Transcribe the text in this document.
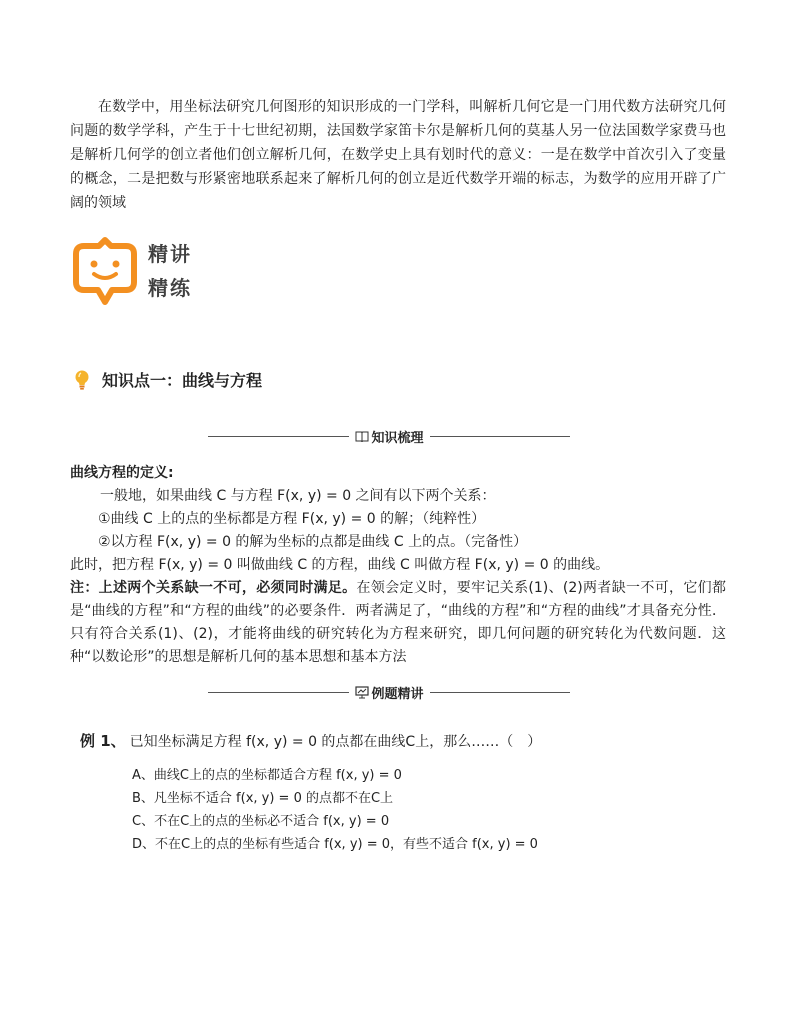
在数学中，用坐标法研究几何图形的知识形成的一门学科，叫解析几何它是一门用代数方法研究几何问题的数学学科，产生于十七世纪初期，法国数学家笛卡尔是解析几何的莫基人另一位法国数学家费马也是解析几何学的创立者他们创立解析几何，在数学史上具有划时代的意义：一是在数学中首次引入了变量的概念，二是把数与形紧密地联系起来了解析几何的创立是近代数学开端的标志，为数学的应用开辟了广阔的领域

精讲
精练
知识点一：曲线与方程
知识梳理

曲线方程的定义:

一般地，如果曲线 C 与方程 F(x, y) = 0 之间有以下两个关系：

①曲线 C 上的点的坐标都是方程 F(x, y) = 0 的解；（纯粹性）

②以方程 F(x, y) = 0 的解为坐标的点都是曲线 C 上的点。（完备性）

此时，把方程 F(x, y) = 0 叫做曲线 C 的方程，曲线 C 叫做方程 F(x, y) = 0 的曲线。

注：上述两个关系缺一不可，必须同时满足。在领会定义时，要牢记关系(1)、(2)两者缺一不可，它们都是“曲线的方程”和“方程的曲线”的必要条件．两者满足了，“曲线的方程”和“方程的曲线”才具备充分性．只有符合关系(1)、(2)，才能将曲线的研究转化为方程来研究，即几何问题的研究转化为代数问题．这种“以数论形”的思想是解析几何的基本思想和基本方法

例题精讲
例 1、 已知坐标满足方程 f(x, y) = 0 的点都在曲线C上，那么……（　）
A、曲线C上的点的坐标都适合方程 f(x, y) = 0
B、凡坐标不适合 f(x, y) = 0 的点都不在C上
C、不在C上的点的坐标必不适合 f(x, y) = 0
D、不在C上的点的坐标有些适合 f(x, y) = 0，有些不适合 f(x, y) = 0
